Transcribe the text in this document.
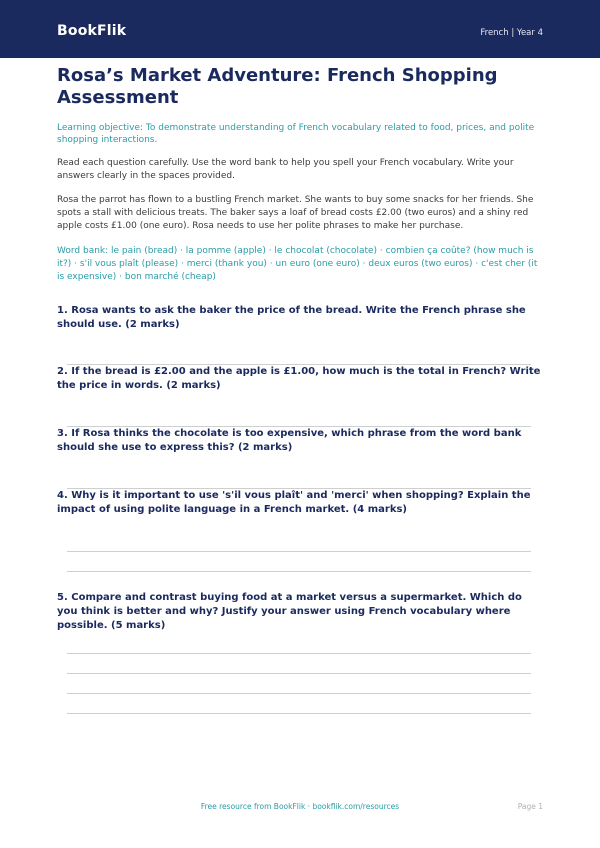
BookFlik	French | Year 4
Rosa’s Market Adventure: French Shopping Assessment
Learning objective: To demonstrate understanding of French vocabulary related to food, prices, and polite shopping interactions.
Read each question carefully. Use the word bank to help you spell your French vocabulary. Write your answers clearly in the spaces provided.
Rosa the parrot has flown to a bustling French market. She wants to buy some snacks for her friends. She spots a stall with delicious treats. The baker says a loaf of bread costs £2.00 (two euros) and a shiny red apple costs £1.00 (one euro). Rosa needs to use her polite phrases to make her purchase.
Word bank: le pain (bread) · la pomme (apple) · le chocolat (chocolate) · combien ça coûte? (how much is it?) · s'il vous plaît (please) · merci (thank you) · un euro (one euro) · deux euros (two euros) · c'est cher (it is expensive) · bon marché (cheap)
1. Rosa wants to ask the baker the price of the bread. Write the French phrase she should use. (2 marks)
2. If the bread is £2.00 and the apple is £1.00, how much is the total in French? Write the price in words. (2 marks)
3. If Rosa thinks the chocolate is too expensive, which phrase from the word bank should she use to express this? (2 marks)
4. Why is it important to use 's'il vous plaît' and 'merci' when shopping? Explain the impact of using polite language in a French market. (4 marks)
5. Compare and contrast buying food at a market versus a supermarket. Which do you think is better and why? Justify your answer using French vocabulary where possible. (5 marks)
Free resource from BookFlik · bookflik.com/resources	Page 1
